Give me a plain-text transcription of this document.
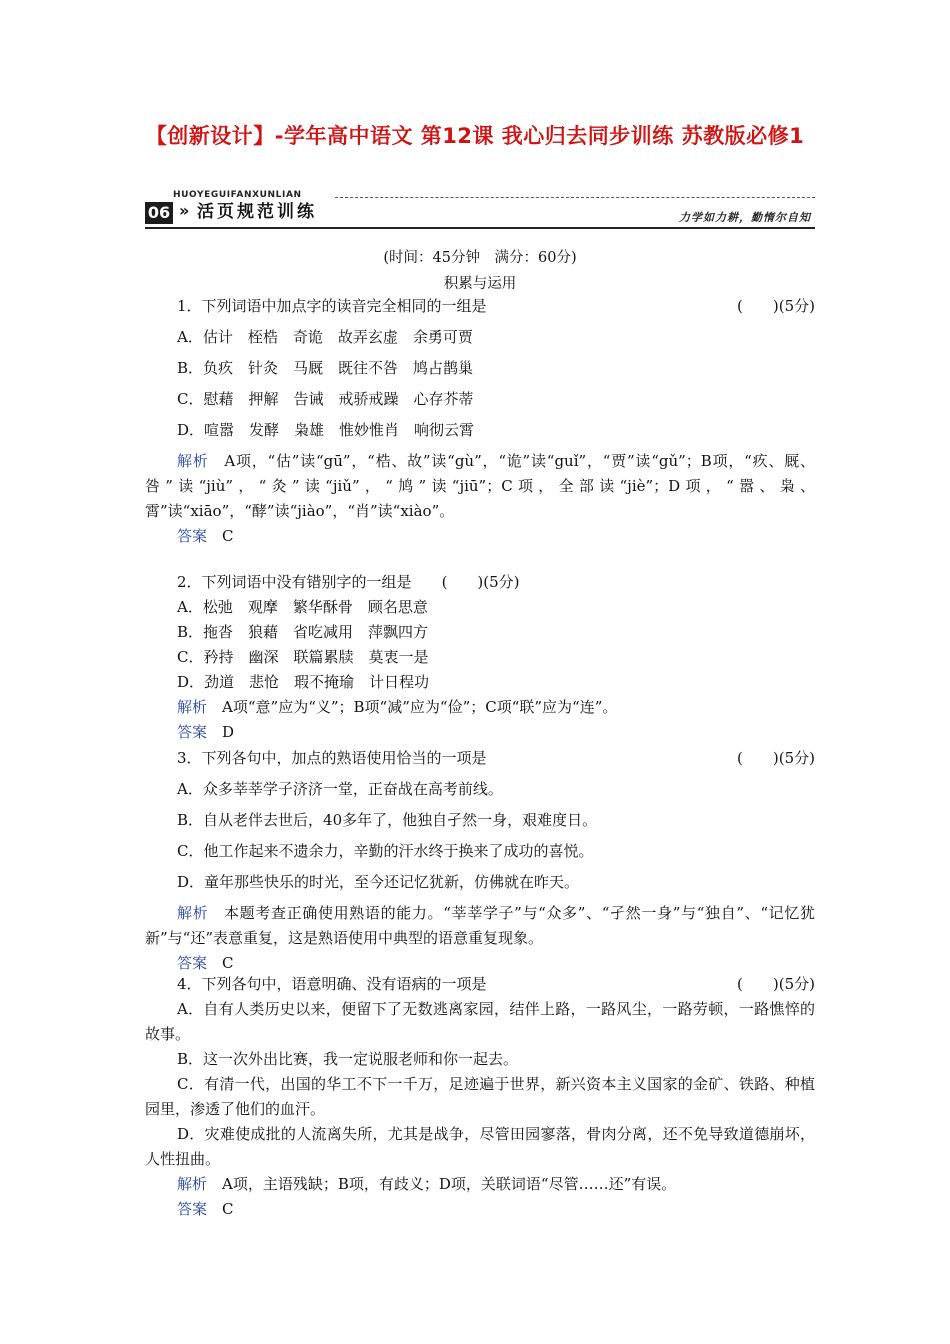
【创新设计】-学年高中语文 第12课 我心归去同步训练 苏教版必修1
HUOYEGUIFANXUNLIAN
06 » 活页规范训练	力学如力耕，勤惰尔自知
(时间：45分钟　满分：60分)
积累与运用

1．下列词语中加点字的读音完全相同的一组是	(　　)(5分)

A．估计　桎梏　奇诡　故弄玄虚　余勇可贾

B．负疚　针灸　马厩　既往不咎　鸠占鹊巢

C．慰藉　押解　告诫　戒骄戒躁　心存芥蒂

D．喧嚣　发酵　枭雄　惟妙惟肖　响彻云霄

解析　 A项，“估”读“gū”，“梏、故”读“gù”，“诡”读“guǐ”，“贾”读“gǔ”；B项，“疚、厩、咎”读“jiù”，“灸”读“jiǔ”，“鸠”读“jiū”；C项，全部读“jiè”；D项，“嚣、枭、霄”读“xiāo”，“酵”读“jiào”，“肖”读“xiào”。

答案　 C

2．下列词语中没有错别字的一组是　　 (　　)(5分)

A．松弛　观摩　繁华酥骨　顾名思意

B．拖沓　狼藉　省吃减用　萍飘四方

C．矜持　幽深　联篇累牍　莫衷一是

D．劲道　悲怆　瑕不掩瑜　计日程功

解析　 A项“意”应为“义”；B项“减”应为“俭”；C项“联”应为“连”。

答案　 D

3．下列各句中，加点的熟语使用恰当的一项是	(　　)(5分)

A．众多莘莘学子济济一堂，正奋战在高考前线。

B．自从老伴去世后，40多年了，他独自孑然一身，艰难度日。

C．他工作起来不遗余力，辛勤的汗水终于换来了成功的喜悦。

D．童年那些快乐的时光，至今还记忆犹新，仿佛就在昨天。

解析　 本题考查正确使用熟语的能力。“莘莘学子”与“众多”、“孑然一身”与“独自”、“记忆犹新”与“还”表意重复，这是熟语使用中典型的语意重复现象。

答案　 C

4．下列各句中，语意明确、没有语病的一项是	(　　)(5分)

A．自有人类历史以来，便留下了无数逃离家园，结伴上路，一路风尘，一路劳顿，一路憔悴的故事。

B．这一次外出比赛，我一定说服老师和你一起去。

C．有清一代，出国的华工不下一千万，足迹遍于世界，新兴资本主义国家的金矿、铁路、种植园里，渗透了他们的血汗。

D．灾难使成批的人流离失所，尤其是战争，尽管田园寥落，骨肉分离，还不免导致道德崩坏，人性扭曲。

解析　 A项，主语残缺；B项，有歧义；D项，关联词语“尽管……还”有误。

答案　 C
